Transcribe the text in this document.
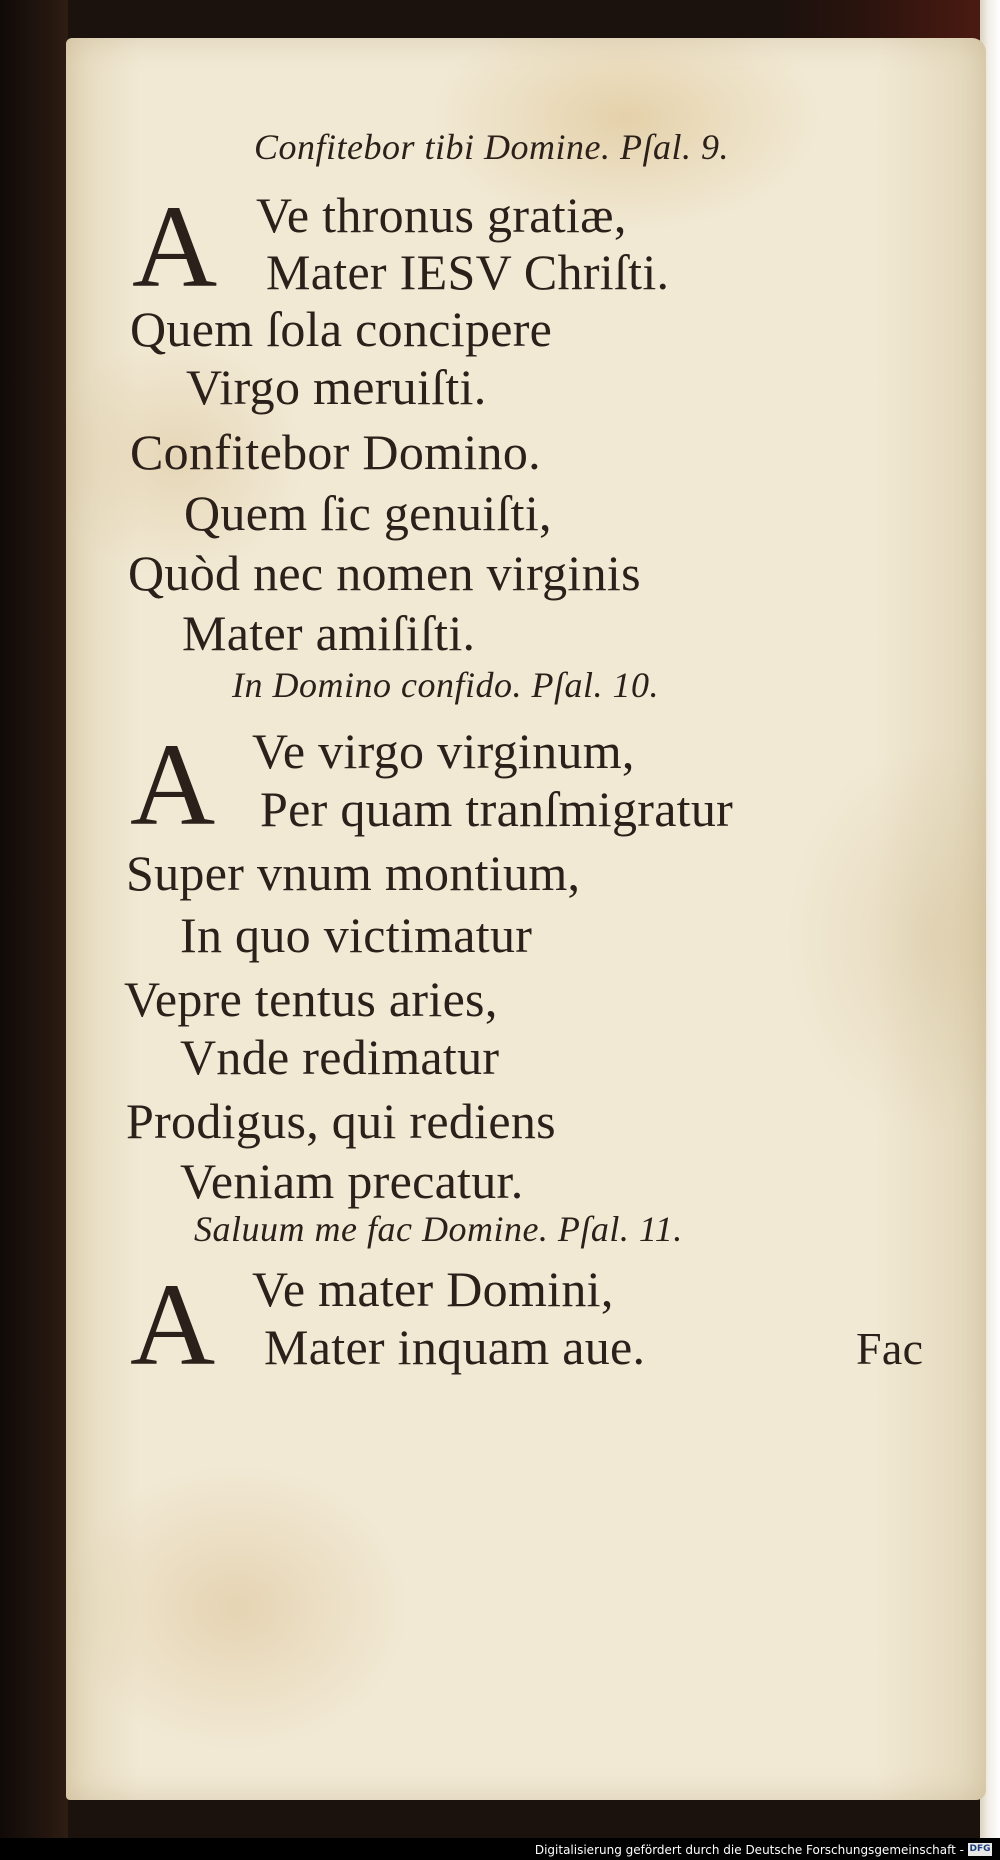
Confitebor tibi Domine. Pſal. 9.
A Ve thronus gratiæ,
Mater IESV Chriſti.
Quem ſola concipere
Virgo meruiſti.
Confitebor Domino.
Quem ſic genuiſti,
Quòd nec nomen virginis
Mater amiſiſti.
In Domino confido. Pſal. 10.
A Ve virgo virginum,
Per quam tranſmigratur
Super vnum montium,
In quo victimatur
Vepre tentus aries,
Vnde redimatur
Prodigus, qui rediens
Veniam precatur.
Saluum me fac Domine. Pſal. 11.
A Ve mater Domini,
Mater inquam aue.	Fac
Digitalisierung gefördert durch die Deutsche Forschungsgemeinschaft - DFG
